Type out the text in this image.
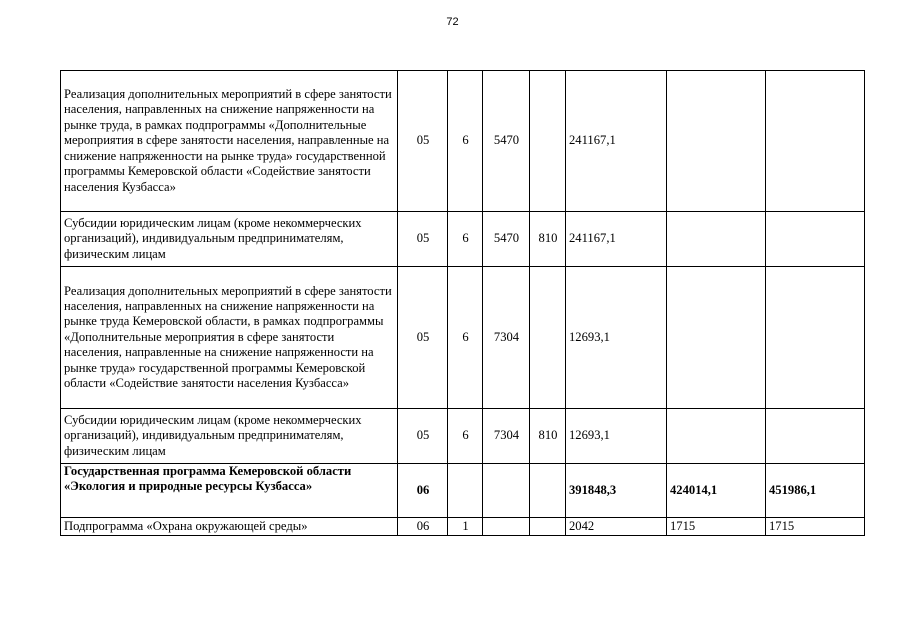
72
Реализация дополнительных мероприятий в сфере занятости населения, направленных на снижение напряженности на рынке труда, в рамках подпрограммы «Дополнительные мероприятия в сфере занятости населения, направленные на снижение напряженности на рынке труда» государственной программы Кемеровской области «Содействие занятости населения Кузбасса»	05	6	5470		241167,1		
Субсидии юридическим лицам (кроме некоммерческих организаций), индивидуальным предпринимателям, физическим лицам	05	6	5470	810	241167,1		
Реализация дополнительных мероприятий в сфере занятости населения, направленных на снижение напряженности на рынке труда Кемеровской области, в рамках подпрограммы «Дополнительные мероприятия в сфере занятости населения, направленные на снижение напряженности на рынке труда» государственной программы Кемеровской области «Содействие занятости населения Кузбасса»	05	6	7304		12693,1		
Субсидии юридическим лицам (кроме некоммерческих организаций), индивидуальным предпринимателям, физическим лицам	05	6	7304	810	12693,1		
Государственная программа Кемеровской области «Экология и природные ресурсы Кузбасса»	06				391848,3	424014,1	451986,1
Подпрограмма «Охрана окружающей среды»	06	1			2042	1715	1715
